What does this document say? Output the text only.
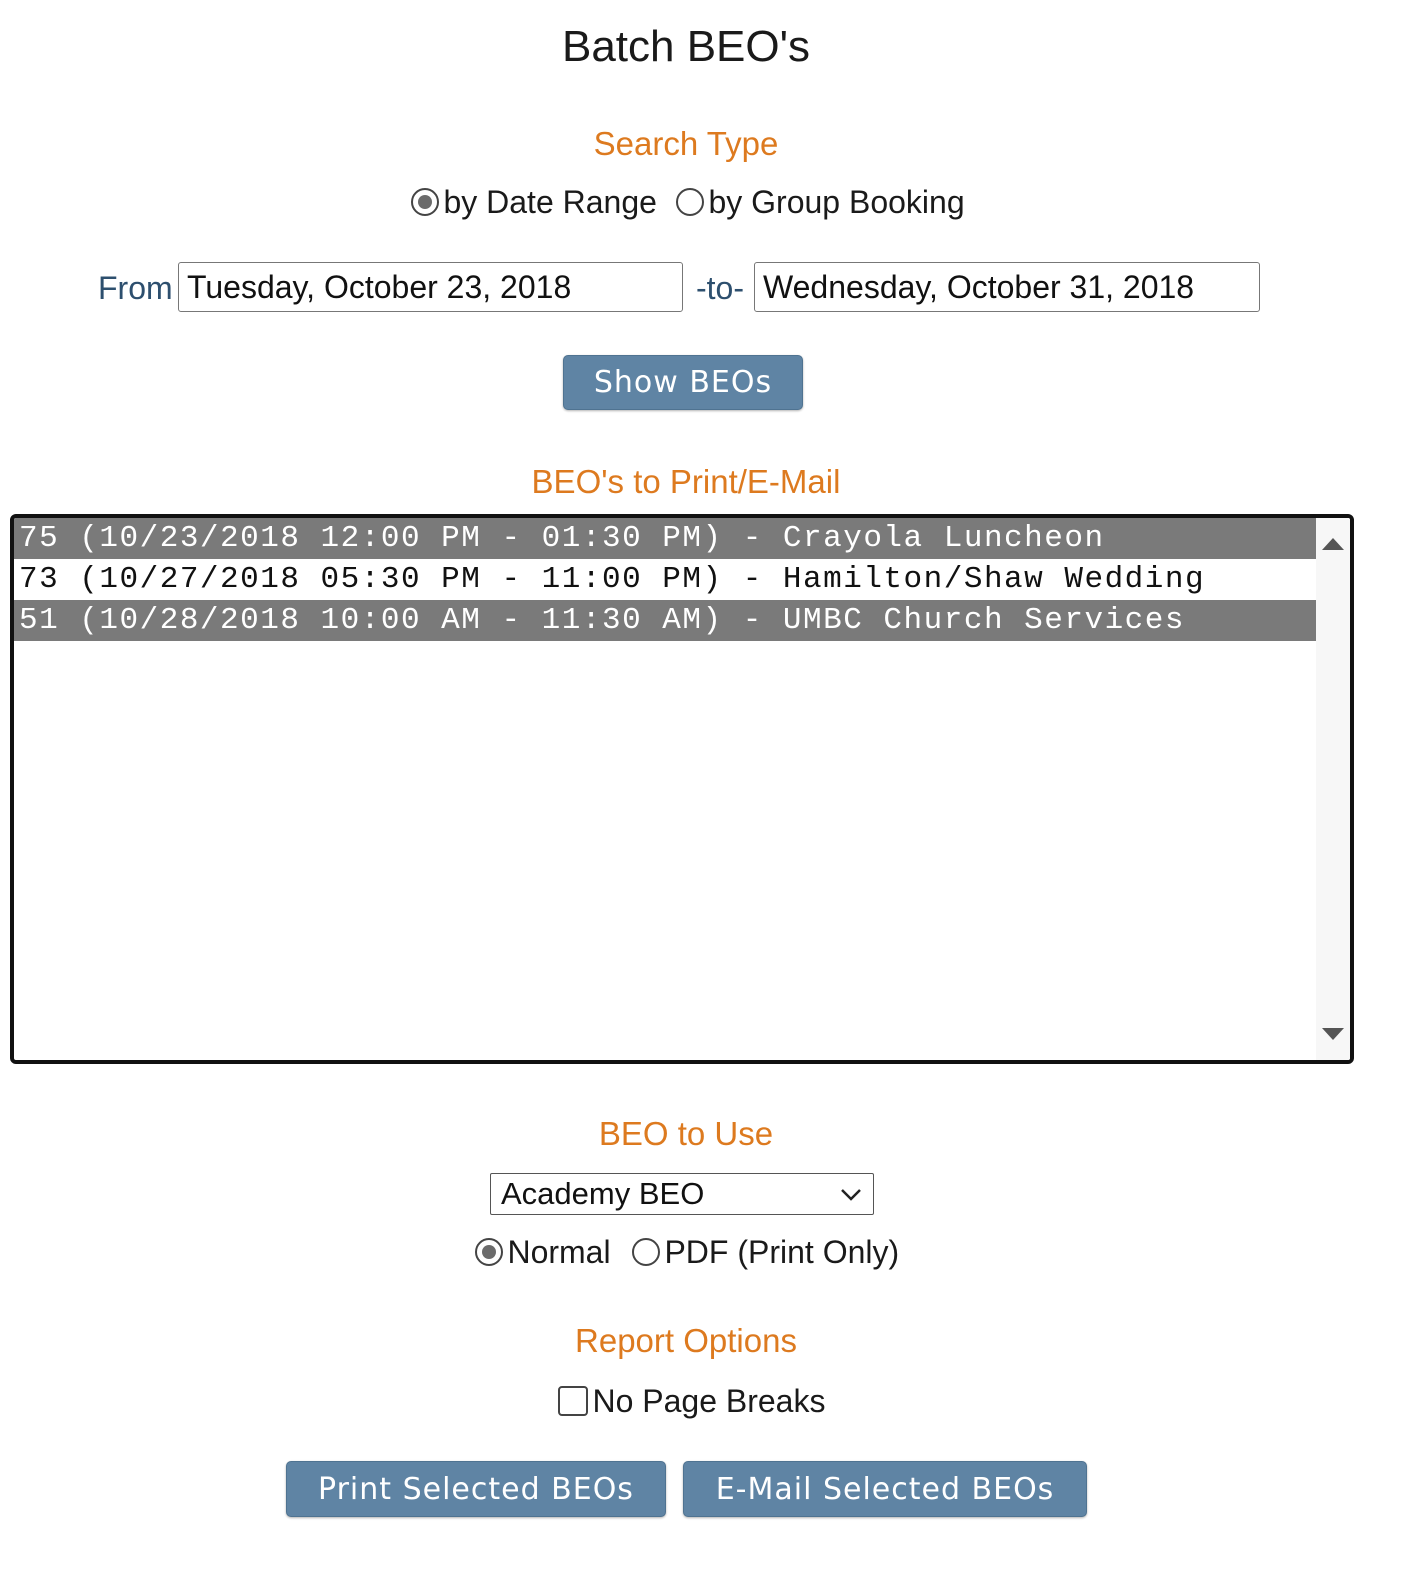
Batch BEO's
Search Type
by Date Range	by Group Booking
From
Tuesday, October 23, 2018	-to-
Wednesday, October 31, 2018
Show BEOs
BEO's to Print/E-Mail
75 (10/23/2018 12:00 PM - 01:30 PM) - Crayola Luncheon
73 (10/27/2018 05:30 PM - 11:00 PM) - Hamilton/Shaw Wedding
51 (10/28/2018 10:00 AM - 11:30 AM) - UMBC Church Services
BEO to Use
Academy BEO
Normal	PDF (Print Only)
Report Options
No Page Breaks
Print Selected BEOs	E-Mail Selected BEOs
